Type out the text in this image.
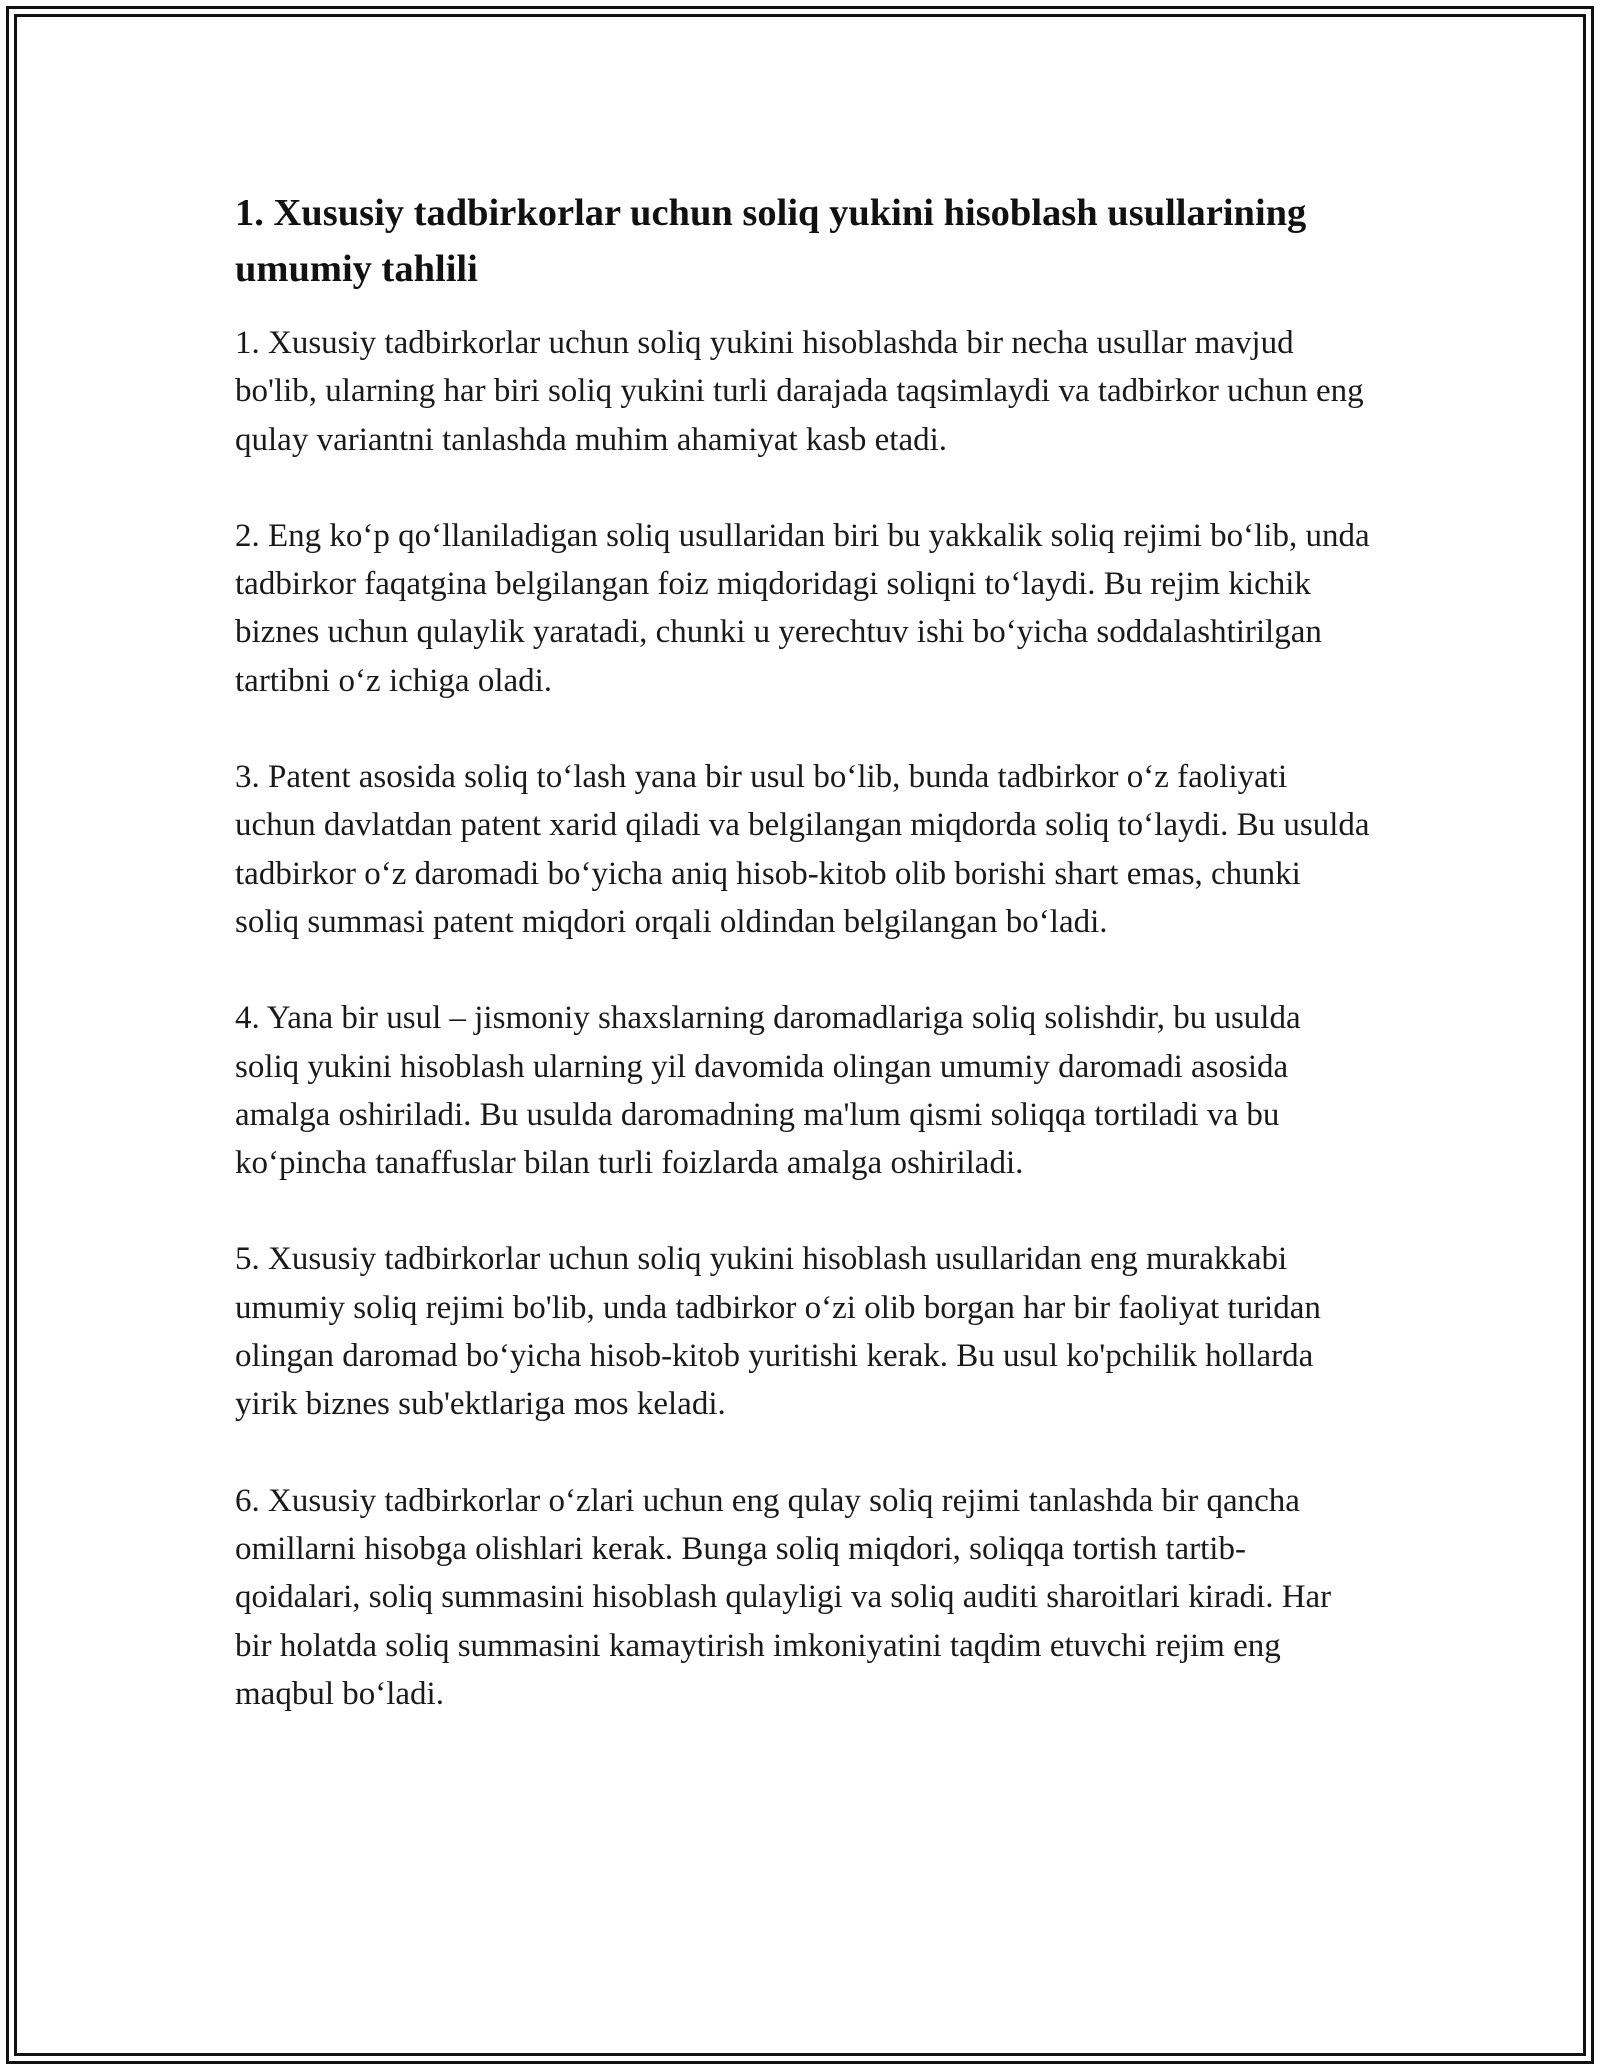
1. Xususiy tadbirkorlar uchun soliq yukini hisoblash usullarining umumiy tahlili

1. Xususiy tadbirkorlar uchun soliq yukini hisoblashda bir necha usullar mavjud bo'lib, ularning har biri soliq yukini turli darajada taqsimlaydi va tadbirkor uchun eng qulay variantni tanlashda muhim ahamiyat kasb etadi.

2. Eng ko‘p qo‘llaniladigan soliq usullaridan biri bu yakkalik soliq rejimi bo‘lib, unda tadbirkor faqatgina belgilangan foiz miqdoridagi soliqni to‘laydi. Bu rejim kichik biznes uchun qulaylik yaratadi, chunki u yerechtuv ishi bo‘yicha soddalashtirilgan tartibni o‘z ichiga oladi.

3. Patent asosida soliq to‘lash yana bir usul bo‘lib, bunda tadbirkor o‘z faoliyati uchun davlatdan patent xarid qiladi va belgilangan miqdorda soliq to‘laydi. Bu usulda tadbirkor o‘z daromadi bo‘yicha aniq hisob-kitob olib borishi shart emas, chunki soliq summasi patent miqdori orqali oldindan belgilangan bo‘ladi.

4. Yana bir usul – jismoniy shaxslarning daromadlariga soliq solishdir, bu usulda soliq yukini hisoblash ularning yil davomida olingan umumiy daromadi asosida amalga oshiriladi. Bu usulda daromadning ma'lum qismi soliqqa tortiladi va bu ko‘pincha tanaffuslar bilan turli foizlarda amalga oshiriladi.

5. Xususiy tadbirkorlar uchun soliq yukini hisoblash usullaridan eng murakkabi umumiy soliq rejimi bo'lib, unda tadbirkor o‘zi olib borgan har bir faoliyat turidan olingan daromad bo‘yicha hisob-kitob yuritishi kerak. Bu usul ko'pchilik hollarda yirik biznes sub'ektlariga mos keladi.

6. Xususiy tadbirkorlar o‘zlari uchun eng qulay soliq rejimi tanlashda bir qancha omillarni hisobga olishlari kerak. Bunga soliq miqdori, soliqqa tortish tartib-qoidalari, soliq summasini hisoblash qulayligi va soliq auditi sharoitlari kiradi. Har bir holatda soliq summasini kamaytirish imkoniyatini taqdim etuvchi rejim eng maqbul bo‘ladi.
